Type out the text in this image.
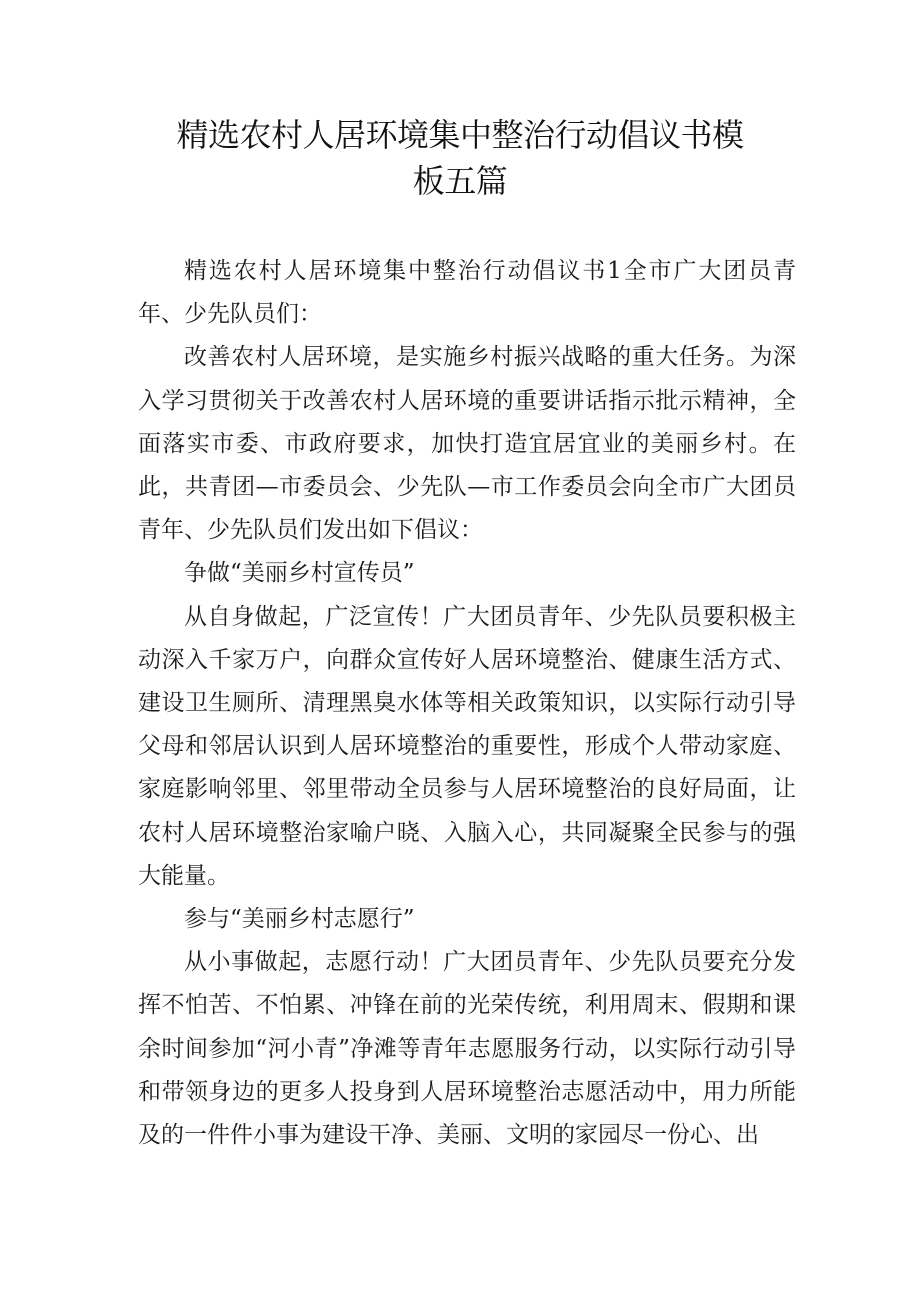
精选农村人居环境集中整治行动倡议书模
板五篇

精选农村人居环境集中整治行动倡议书1全市广大团员青年、少先队员们：

改善农村人居环境，是实施乡村振兴战略的重大任务。为深入学习贯彻关于改善农村人居环境的重要讲话指示批示精神，全面落实市委、市政府要求，加快打造宜居宜业的美丽乡村。在此，共青团—市委员会、少先队—市工作委员会向全市广大团员青年、少先队员们发出如下倡议：

争做“美丽乡村宣传员”

从自身做起，广泛宣传！广大团员青年、少先队员要积极主动深入千家万户，向群众宣传好人居环境整治、健康生活方式、建设卫生厕所、清理黑臭水体等相关政策知识，以实际行动引导父母和邻居认识到人居环境整治的重要性，形成个人带动家庭、家庭影响邻里、邻里带动全员参与人居环境整治的良好局面，让农村人居环境整治家喻户晓、入脑入心，共同凝聚全民参与的强大能量。

参与“美丽乡村志愿行”

从小事做起，志愿行动！广大团员青年、少先队员要充分发挥不怕苦、不怕累、冲锋在前的光荣传统，利用周末、假期和课余时间参加“河小青”净滩等青年志愿服务行动，以实际行动引导和带领身边的更多人投身到人居环境整治志愿活动中，用力所能及的一件件小事为建设干净、美丽、文明的家园尽一份心、出
